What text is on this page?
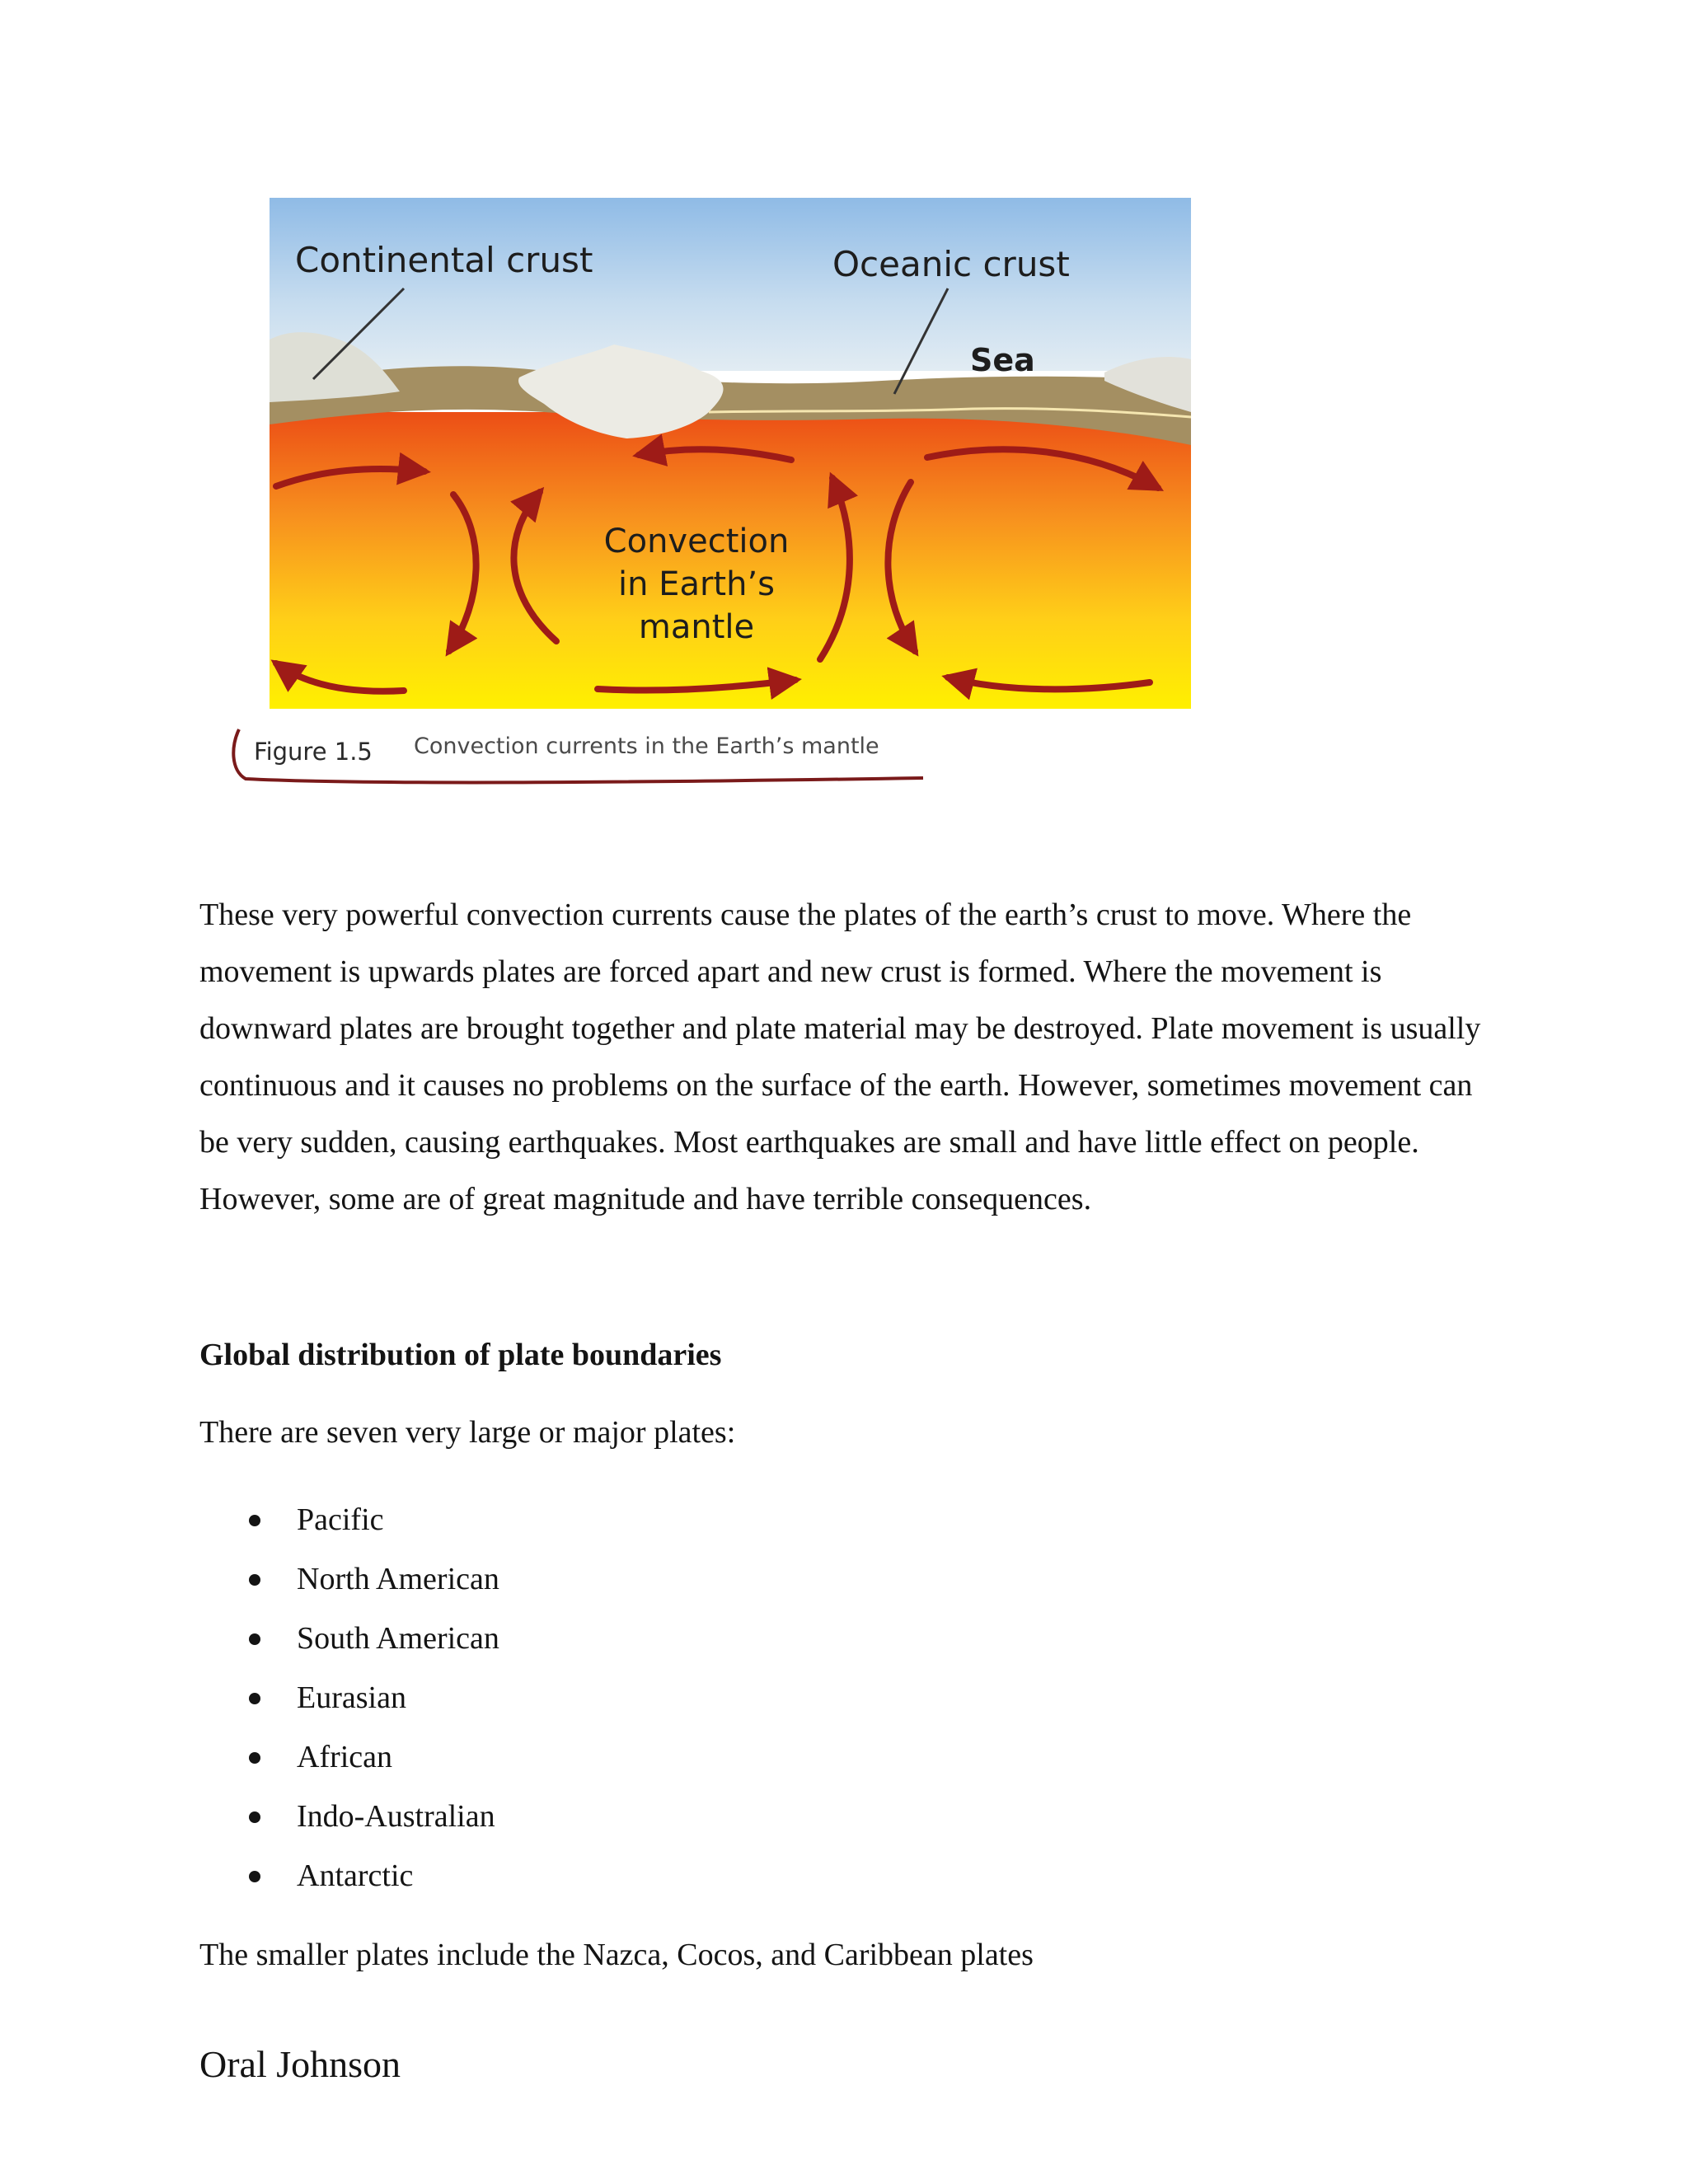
Continental crust	Oceanic crust
Sea
Convection
in Earth’s
mantle
Figure 1.5 Convection currents in the Earth’s mantle

These very powerful convection currents cause the plates of the earth’s crust to move. Where the movement is upwards plates are forced apart and new crust is formed. Where the movement is downward plates are brought together and plate material may be destroyed. Plate movement is usually continuous and it causes no problems on the surface of the earth. However, sometimes movement can be very sudden, causing earthquakes. Most earthquakes are small and have little effect on people. However, some are of great magnitude and have terrible consequences.

Global distribution of plate boundaries

There are seven very large or major plates:

Pacific
North American
South American
Eurasian
African
Indo-Australian
Antarctic

The smaller plates include the Nazca, Cocos, and Caribbean plates

Oral Johnson
